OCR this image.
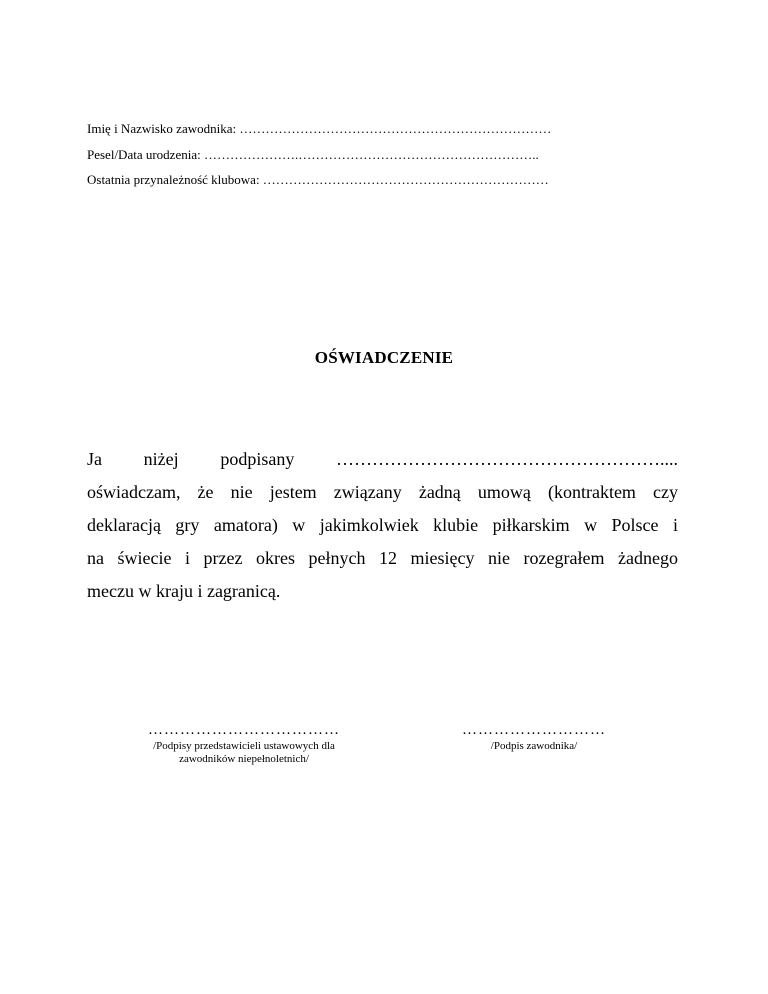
Imię i Nazwisko zawodnika: ………………………………………………………………
Pesel/Data urodzenia: ………………….………………………………………………..
Ostatnia przynależność klubowa: …………………………………………………………
OŚWIADCZENIE
Ja niżej podpisany ………………………………………………....
oświadczam, że nie jestem związany żadną umową (kontraktem czy
deklaracją gry amatora) w jakimkolwiek klubie piłkarskim w Polsce i
na świecie i przez okres pełnych 12 miesięcy nie rozegrałem żadnego
meczu w kraju i zagranicą.
………………………………
/Podpisy przedstawicieli ustawowych dla
zawodników niepełnoletnich/
………………………
/Podpis zawodnika/
